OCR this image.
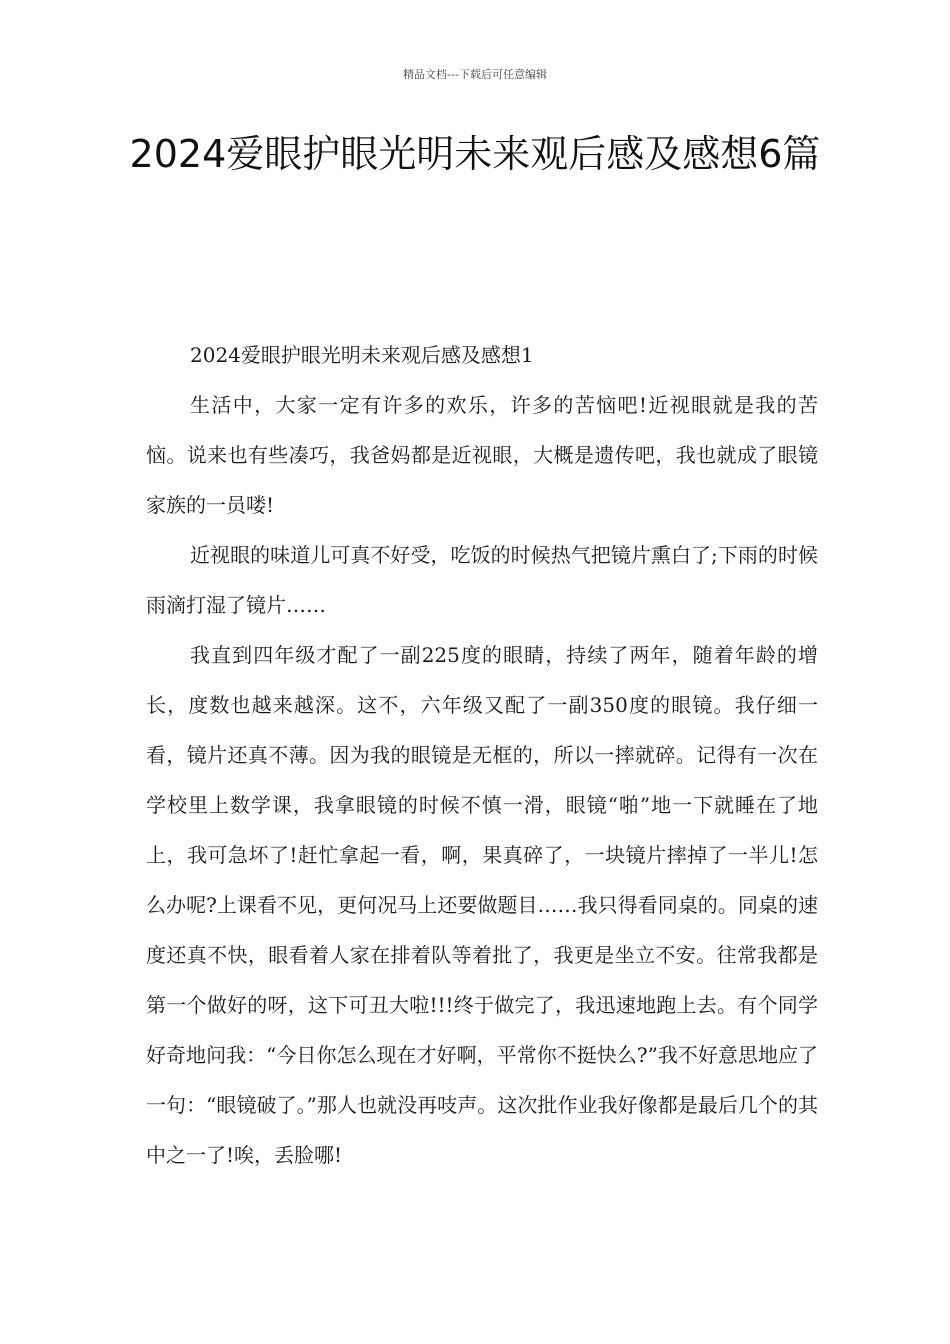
精品文档---下载后可任意编辑
2024爱眼护眼光明未来观后感及感想6篇

2024爱眼护眼光明未来观后感及感想1

生活中，大家一定有许多的欢乐，许多的苦恼吧!近视眼就是我的苦恼。说来也有些凑巧，我爸妈都是近视眼，大概是遗传吧，我也就成了眼镜家族的一员喽!

近视眼的味道儿可真不好受，吃饭的时候热气把镜片熏白了;下雨的时候雨滴打湿了镜片……

我直到四年级才配了一副225度的眼睛，持续了两年，随着年龄的增长，度数也越来越深。这不，六年级又配了一副350度的眼镜。我仔细一看，镜片还真不薄。因为我的眼镜是无框的，所以一摔就碎。记得有一次在学校里上数学课，我拿眼镜的时候不慎一滑，眼镜“啪”地一下就睡在了地上，我可急坏了!赶忙拿起一看，啊，果真碎了，一块镜片摔掉了一半儿!怎么办呢?上课看不见，更何况马上还要做题目……我只得看同桌的。同桌的速度还真不快，眼看着人家在排着队等着批了，我更是坐立不安。往常我都是第一个做好的呀，这下可丑大啦!!!终于做完了，我迅速地跑上去。有个同学好奇地问我：“今日你怎么现在才好啊，平常你不挺快么?”我不好意思地应了一句：“眼镜破了。”那人也就没再吱声。这次批作业我好像都是最后几个的其中之一了!唉，丢脸哪!
